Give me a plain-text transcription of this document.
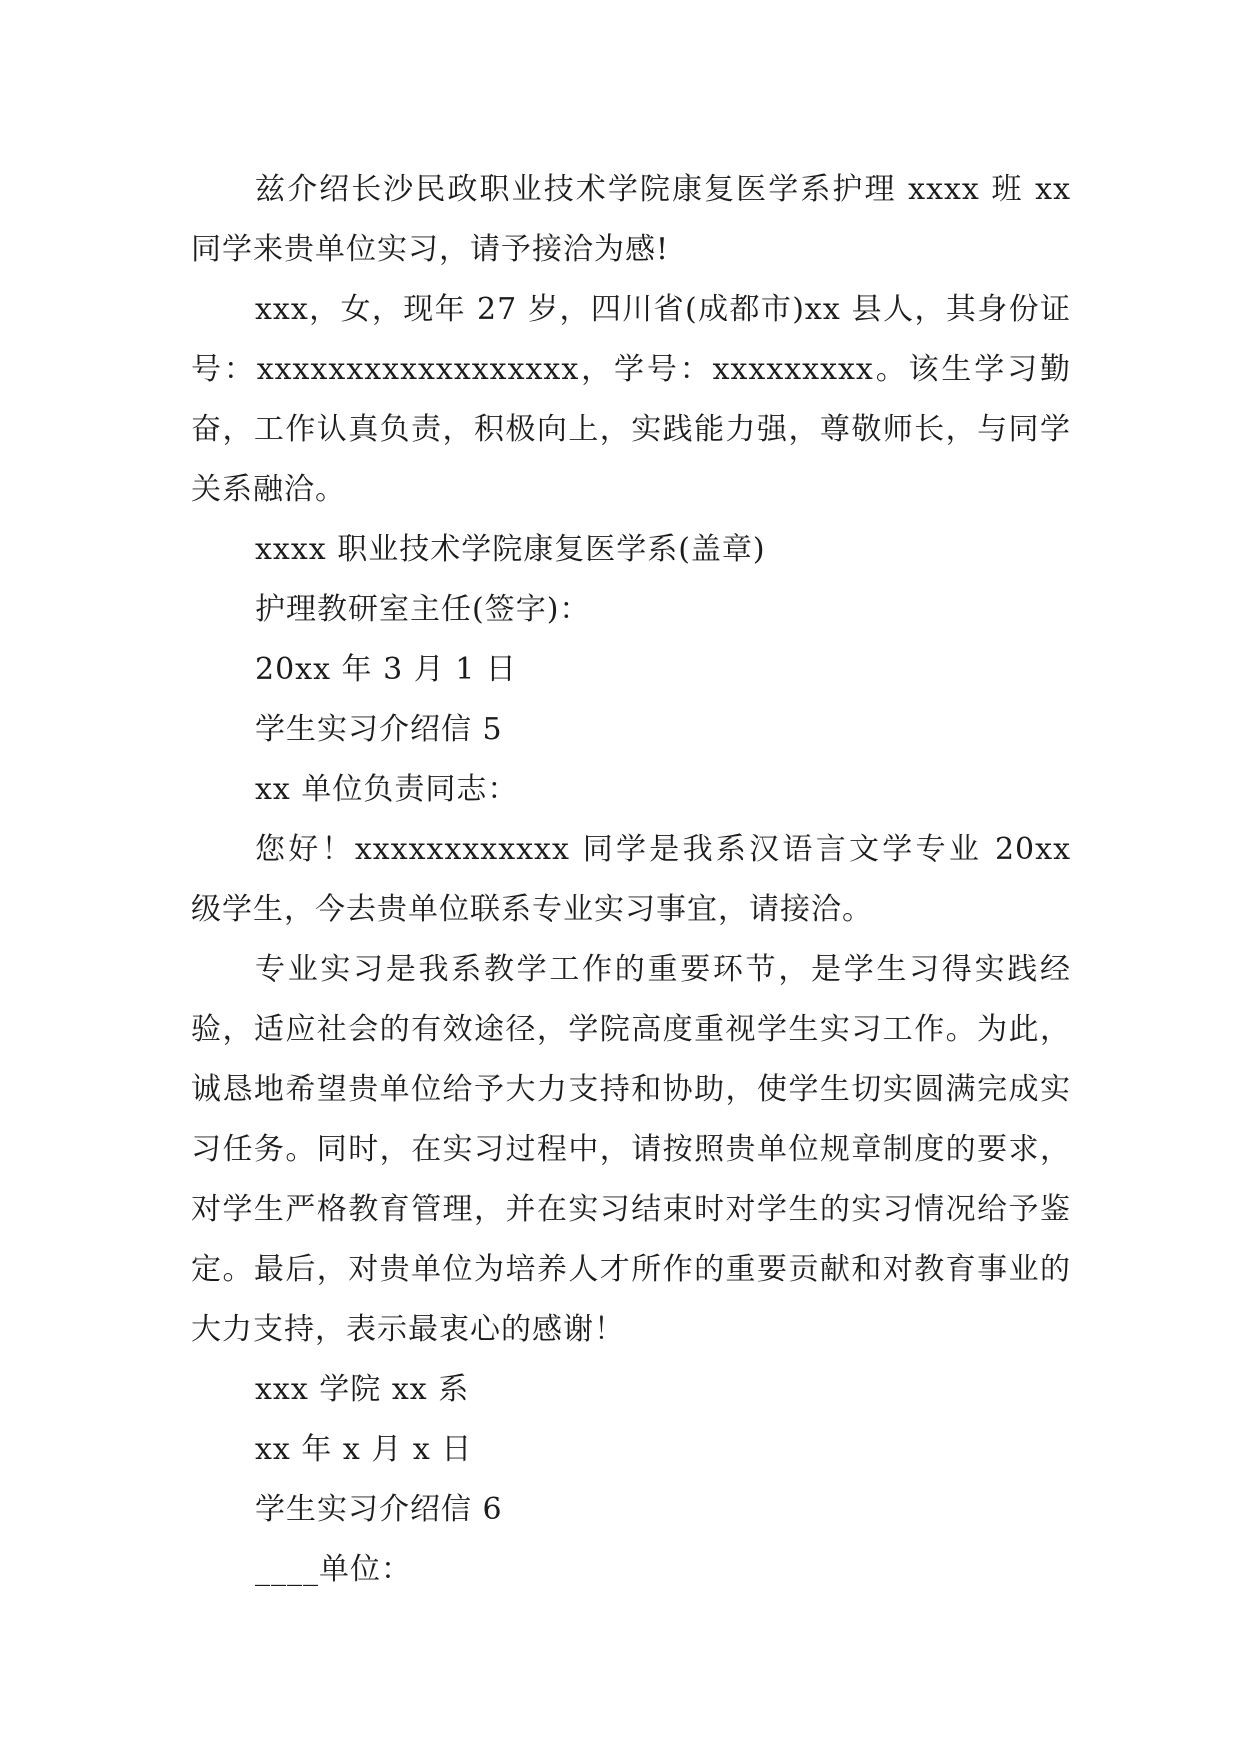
兹介绍长沙民政职业技术学院康复医学系护理 xxxx 班 xx 同学来贵单位实习，请予接洽为感!

xxx，女，现年 27 岁，四川省(成都市)xx 县人，其身份证号：xxxxxxxxxxxxxxxxxx，学号：xxxxxxxxx。该生学习勤奋，工作认真负责，积极向上，实践能力强，尊敬师长，与同学关系融洽。

xxxx 职业技术学院康复医学系(盖章)

护理教研室主任(签字)：

20xx 年 3 月 1 日

学生实习介绍信 5

xx 单位负责同志：

您好！xxxxxxxxxxxx 同学是我系汉语言文学专业 20xx 级学生，今去贵单位联系专业实习事宜，请接洽。

专业实习是我系教学工作的重要环节，是学生习得实践经验，适应社会的有效途径，学院高度重视学生实习工作。为此，诚恳地希望贵单位给予大力支持和协助，使学生切实圆满完成实习任务。同时，在实习过程中，请按照贵单位规章制度的要求，对学生严格教育管理，并在实习结束时对学生的实习情况给予鉴定。最后，对贵单位为培养人才所作的重要贡献和对教育事业的大力支持，表示最衷心的感谢！

xxx 学院 xx 系

xx 年 x 月 x 日

学生实习介绍信 6

____单位：
